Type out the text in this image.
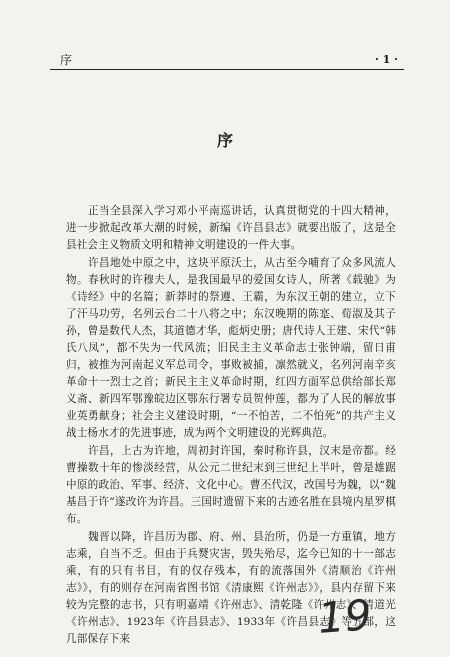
序	· 1 ·
序

正当全县深入学习邓小平南巡讲话，认真贯彻党的十四大精神，进一步掀起改革大潮的时候，新编《许昌县志》就要出版了，这是全县社会主义物质文明和精神文明建设的一件大事。

许昌地处中原之中，这块平原沃土，从古至今哺育了众多风流人物。春秋时的许穆夫人，是我国最早的爱国女诗人，所著《载驰》为《诗经》中的名篇；新莽时的祭遵、王霸，为东汉王朝的建立，立下了汗马功劳，名列云台二十八将之中；东汉晚期的陈寔、荀淑及其子孙，曾是数代人杰，其道德才华，彪炳史册；唐代诗人王建、宋代“韩氏八凤”，都不失为一代风流；旧民主主义革命志士张钟端，留日甫归，被推为河南起义军总司令，事败被捕，凛然就义，名列河南辛亥革命十一烈士之首；新民主主义革命时期，红四方面军总供给部长郑义斋、新四军鄂豫皖边区鄂东行署专员贺仲莲，都为了人民的解放事业英勇献身；社会主义建设时期，“一不怕苦，二不怕死”的共产主义战士杨水才的先进事迹，成为两个文明建设的光辉典范。

许昌，上古为许地，周初封许国，秦时称许县，汉末是帝都。经曹操数十年的惨淡经营，从公元二世纪末到三世纪上半叶，曾是雄踞中原的政治、军事、经济、文化中心。曹丕代汉，改国号为魏，以“魏基昌于许”遂改许为许昌。三国时遗留下来的古迹名胜在县境内星罗棋布。

魏晋以降，许昌历为郡、府、州、县治所，仍是一方重镇，地方志乘，自当不乏。但由于兵燹灾害，毁失殆尽，迄今已知的十一部志乘，有的只有书目，有的仅存残本，有的流落国外《清顺治《许州志》》，有的则存在河南省图书馆《清康熙《许州志》》，县内存留下来较为完整的志书，只有明嘉靖《许州志》、清乾隆《许州志》、清道光《许州志》、1923年《许昌县志》、1933年《许昌县志》等五部，这几部保存下来	19
